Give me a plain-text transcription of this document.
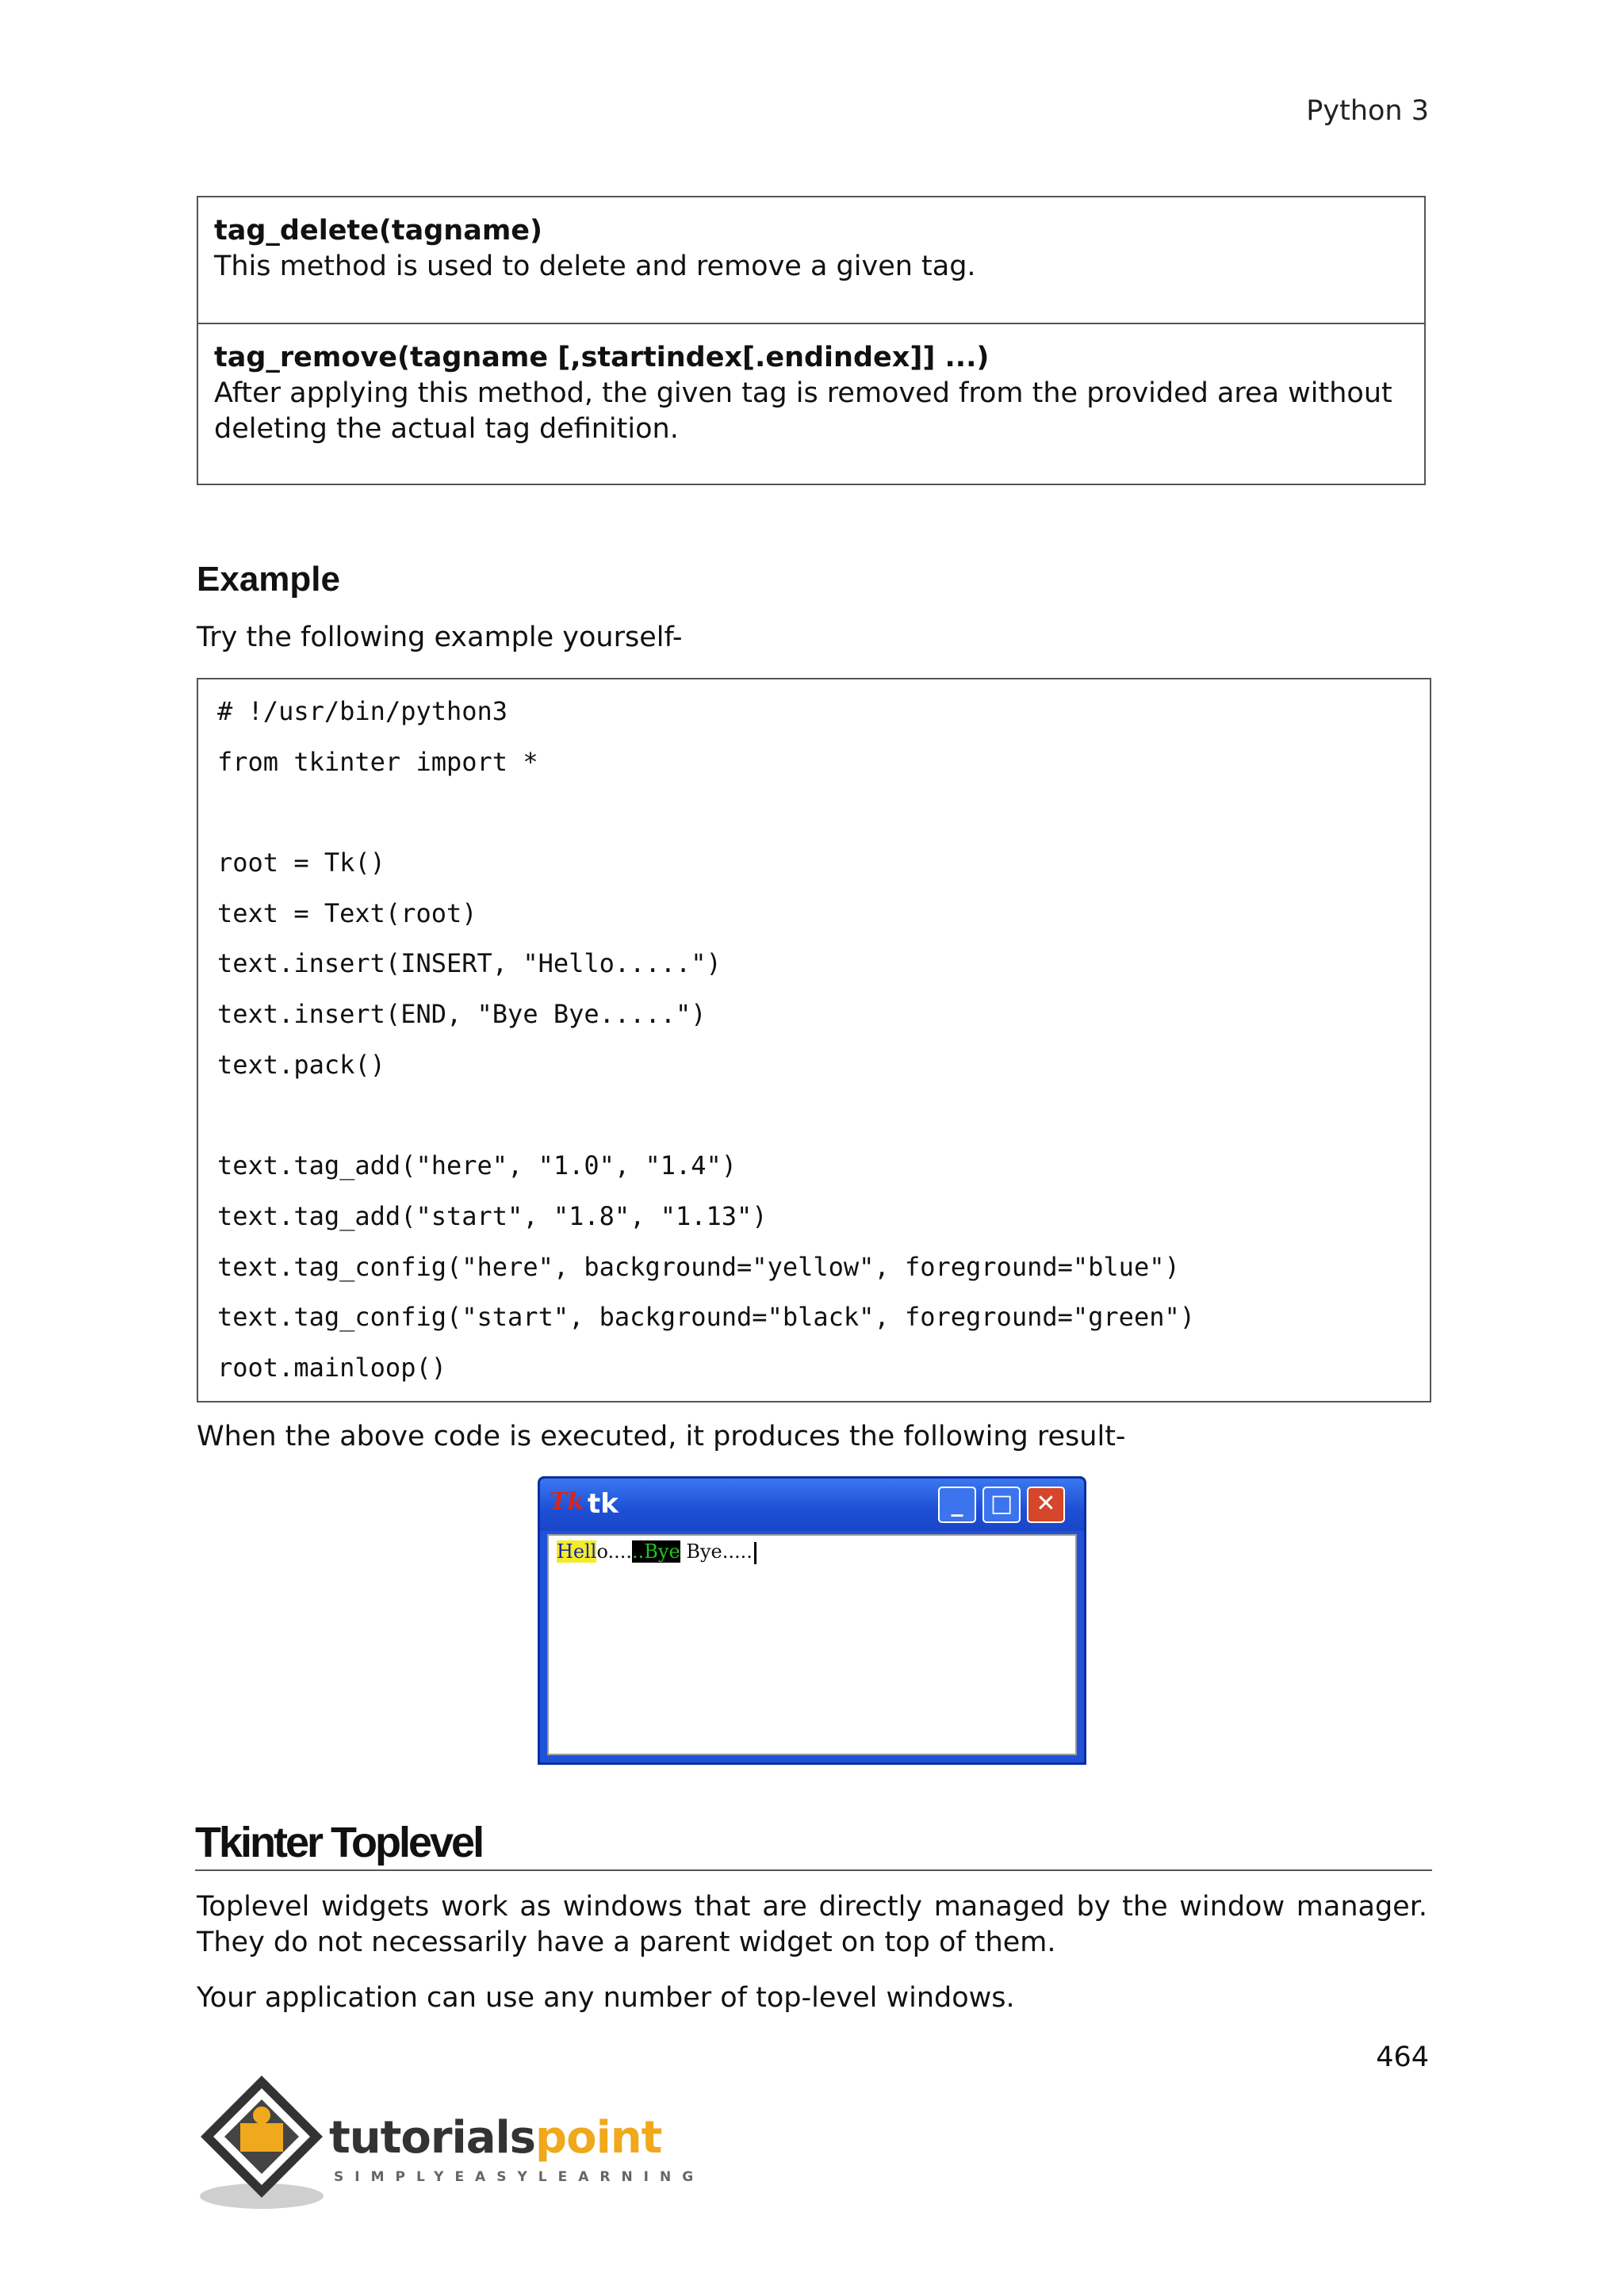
Python 3
tag_delete(tagname)
This method is used to delete and remove a given tag.
tag_remove(tagname [,startindex[.endindex]] ...)
After applying this method, the given tag is removed from the provided area without deleting the actual tag definition.
Example
Try the following example yourself-
# !/usr/bin/python3
from tkinter import *
root = Tk()
text = Text(root)
text.insert(INSERT, "Hello.....")
text.insert(END, "Bye Bye.....")
text.pack()
text.tag_add("here", "1.0", "1.4")
text.tag_add("start", "1.8", "1.13")
text.tag_config("here", background="yellow", foreground="blue")
text.tag_config("start", background="black", foreground="green")
root.mainloop()
When the above code is executed, it produces the following result-
Tk tk	_	□ ✕
Hello......Bye Bye.....
Tkinter Toplevel
Toplevel widgets work as windows that are directly managed by the window manager. They do not necessarily have a parent widget on top of them.
Your application can use any number of top-level windows.
464
tutorialspoint
SIMPLYEASYLEARNING
